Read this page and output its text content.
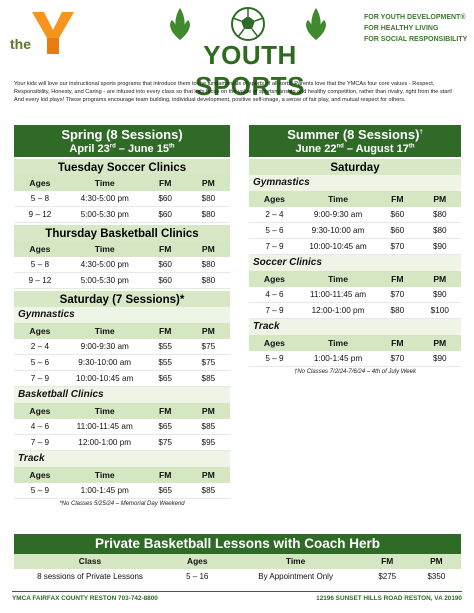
the	YOUTH SPORTS
FOR YOUTH DEVELOPMENT®
FOR HEALTHY LIVING
FOR SOCIAL RESPONSIBILITY
Your kids will love our instructional sports programs that introduce them to the fundamentals of sports of all sorts! Parents love that the YMCAs four core values - Respect, Responsibility, Honesty, and Caring - are infused into every class so that kids focus on the value of sportsmanship and healthy competition, rather than rivalry, right from the start! And every kid plays! These programs encourage team building, individual development, positive self-image, a sense of fair play, and mutual respect for others.
Spring (8 Sessions)
April 23rd – June 15th
Tuesday Soccer Clinics
Ages	Time	FM	PM
5 – 8	4:30-5:00 pm	$60	$80
9 – 12	5:00-5:30 pm	$60	$80
Thursday Basketball Clinics
Ages	Time	FM	PM
5 – 8	4:30-5:00 pm	$60	$80
9 – 12	5:00-5:30 pm	$60	$80
Saturday (7 Sessions)*
Gymnastics
Ages	Time	FM	PM
2 – 4	9:00-9:30 am	$55	$75
5 – 6	9:30-10:00 am	$55	$75
7 – 9	10:00-10:45 am	$65	$85
Basketball Clinics
Ages	Time	FM	PM
4 – 6	11:00-11:45 am	$65	$85
7 – 9	12:00-1:00 pm	$75	$95
Track
Ages	Time	FM	PM
5 – 9	1:00-1:45 pm	$65	$85
*No Classes 5/25/24 – Memorial Day Weekend
Summer (8 Sessions)†
June 22nd – August 17th
Saturday
Gymnastics
Ages	Time	FM	PM
2 – 4	9:00-9:30 am	$60	$80
5 – 6	9:30-10:00 am	$60	$80
7 – 9	10:00-10:45 am	$70	$90
Soccer Clinics
Ages	Time	FM	PM
4 – 6	11:00-11:45 am	$70	$90
7 – 9	12:00-1:00 pm	$80	$100
Track
Ages	Time	FM	PM
5 – 9	1:00-1:45 pm	$70	$90
†No Classes 7/2/24-7/6/24 – 4th of July Week
Private Basketball Lessons with Coach Herb
Class	Ages	Time	FM	PM
8 sessions of Private Lessons	5 – 16	By Appointment Only	$275	$350
YMCA FAIRFAX COUNTY RESTON 703-742-8800	12196 SUNSET HILLS ROAD RESTON, VA 20190
